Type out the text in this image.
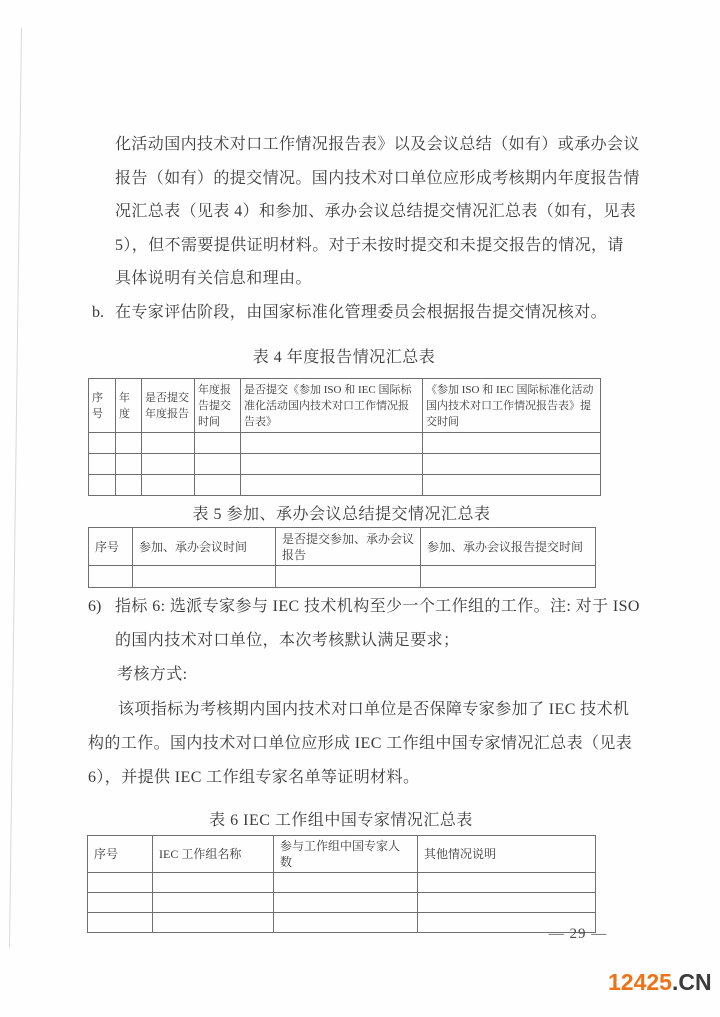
化活动国内技术对口工作情况报告表》以及会议总结（如有）或承办会议
报告（如有）的提交情况。国内技术对口单位应形成考核期内年度报告情
况汇总表（见表 4）和参加、承办会议总结提交情况汇总表（如有，见表
5），但不需要提供证明材料。对于未按时提交和未提交报告的情况，请
具体说明有关信息和理由。
b. 在专家评估阶段，由国家标准化管理委员会根据报告提交情况核对。
表 4 年度报告情况汇总表
序号	年度	是否提交年度报告	年度报告提交时间	是否提交《参加 ISO 和 IEC 国际标准化活动国内技术对口工作情况报告表》	《参加 ISO 和 IEC 国际标准化活动国内技术对口工作情况报告表》提交时间

表 5 参加、承办会议总结提交情况汇总表
序号	参加、承办会议时间	是否提交参加、承办会议报告	参加、承办会议报告提交时间

6) 指标 6: 选派专家参与 IEC 技术机构至少一个工作组的工作。注: 对于 ISO
的国内技术对口单位，本次考核默认满足要求；
考核方式:
该项指标为考核期内国内技术对口单位是否保障专家参加了 IEC 技术机
构的工作。国内技术对口单位应形成 IEC 工作组中国专家情况汇总表（见表
6），并提供 IEC 工作组专家名单等证明材料。
表 6 IEC 工作组中国专家情况汇总表
序号	IEC 工作组名称	参与工作组中国专家人数	其他情况说明

— 29 —
12425.CN
